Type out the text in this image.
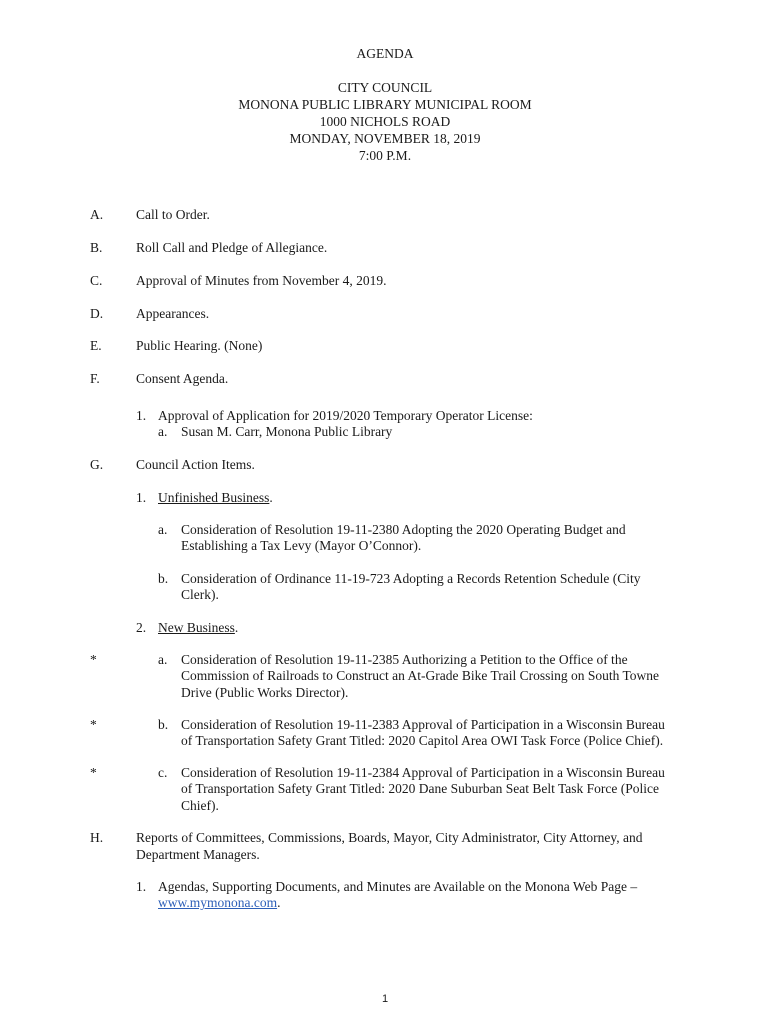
AGENDA
CITY COUNCIL
MONONA PUBLIC LIBRARY MUNICIPAL ROOM
1000 NICHOLS ROAD
MONDAY, NOVEMBER 18, 2019
7:00 P.M.
A. Call to Order.
B. Roll Call and Pledge of Allegiance.
C. Approval of Minutes from November 4, 2019.
D. Appearances.
E.	Public Hearing. (None)
F.	Consent Agenda.
1. Approval of Application for 2019/2020 Temporary Operator License:
a. Susan M. Carr, Monona Public Library
G. Council Action Items.
1. Unfinished Business.
a. Consideration of Resolution 19-11-2380 Adopting the 2020 Operating Budget and
Establishing a Tax Levy (Mayor O’Connor).
b. Consideration of Ordinance 11-19-723 Adopting a Records Retention Schedule (City
Clerk).
2. New Business.
*	a. Consideration of Resolution 19-11-2385 Authorizing a Petition to the Office of the
Commission of Railroads to Construct an At-Grade Bike Trail Crossing on South Towne
Drive (Public Works Director).
*	b. Consideration of Resolution 19-11-2383 Approval of Participation in a Wisconsin Bureau
of Transportation Safety Grant Titled: 2020 Capitol Area OWI Task Force (Police Chief).
*	c. Consideration of Resolution 19-11-2384 Approval of Participation in a Wisconsin Bureau
of Transportation Safety Grant Titled: 2020 Dane Suburban Seat Belt Task Force (Police
Chief).
H. Reports of Committees, Commissions, Boards, Mayor, City Administrator, City Attorney, and
Department Managers.
1. Agendas, Supporting Documents, and Minutes are Available on the Monona Web Page –
www.mymonona.com.
1
